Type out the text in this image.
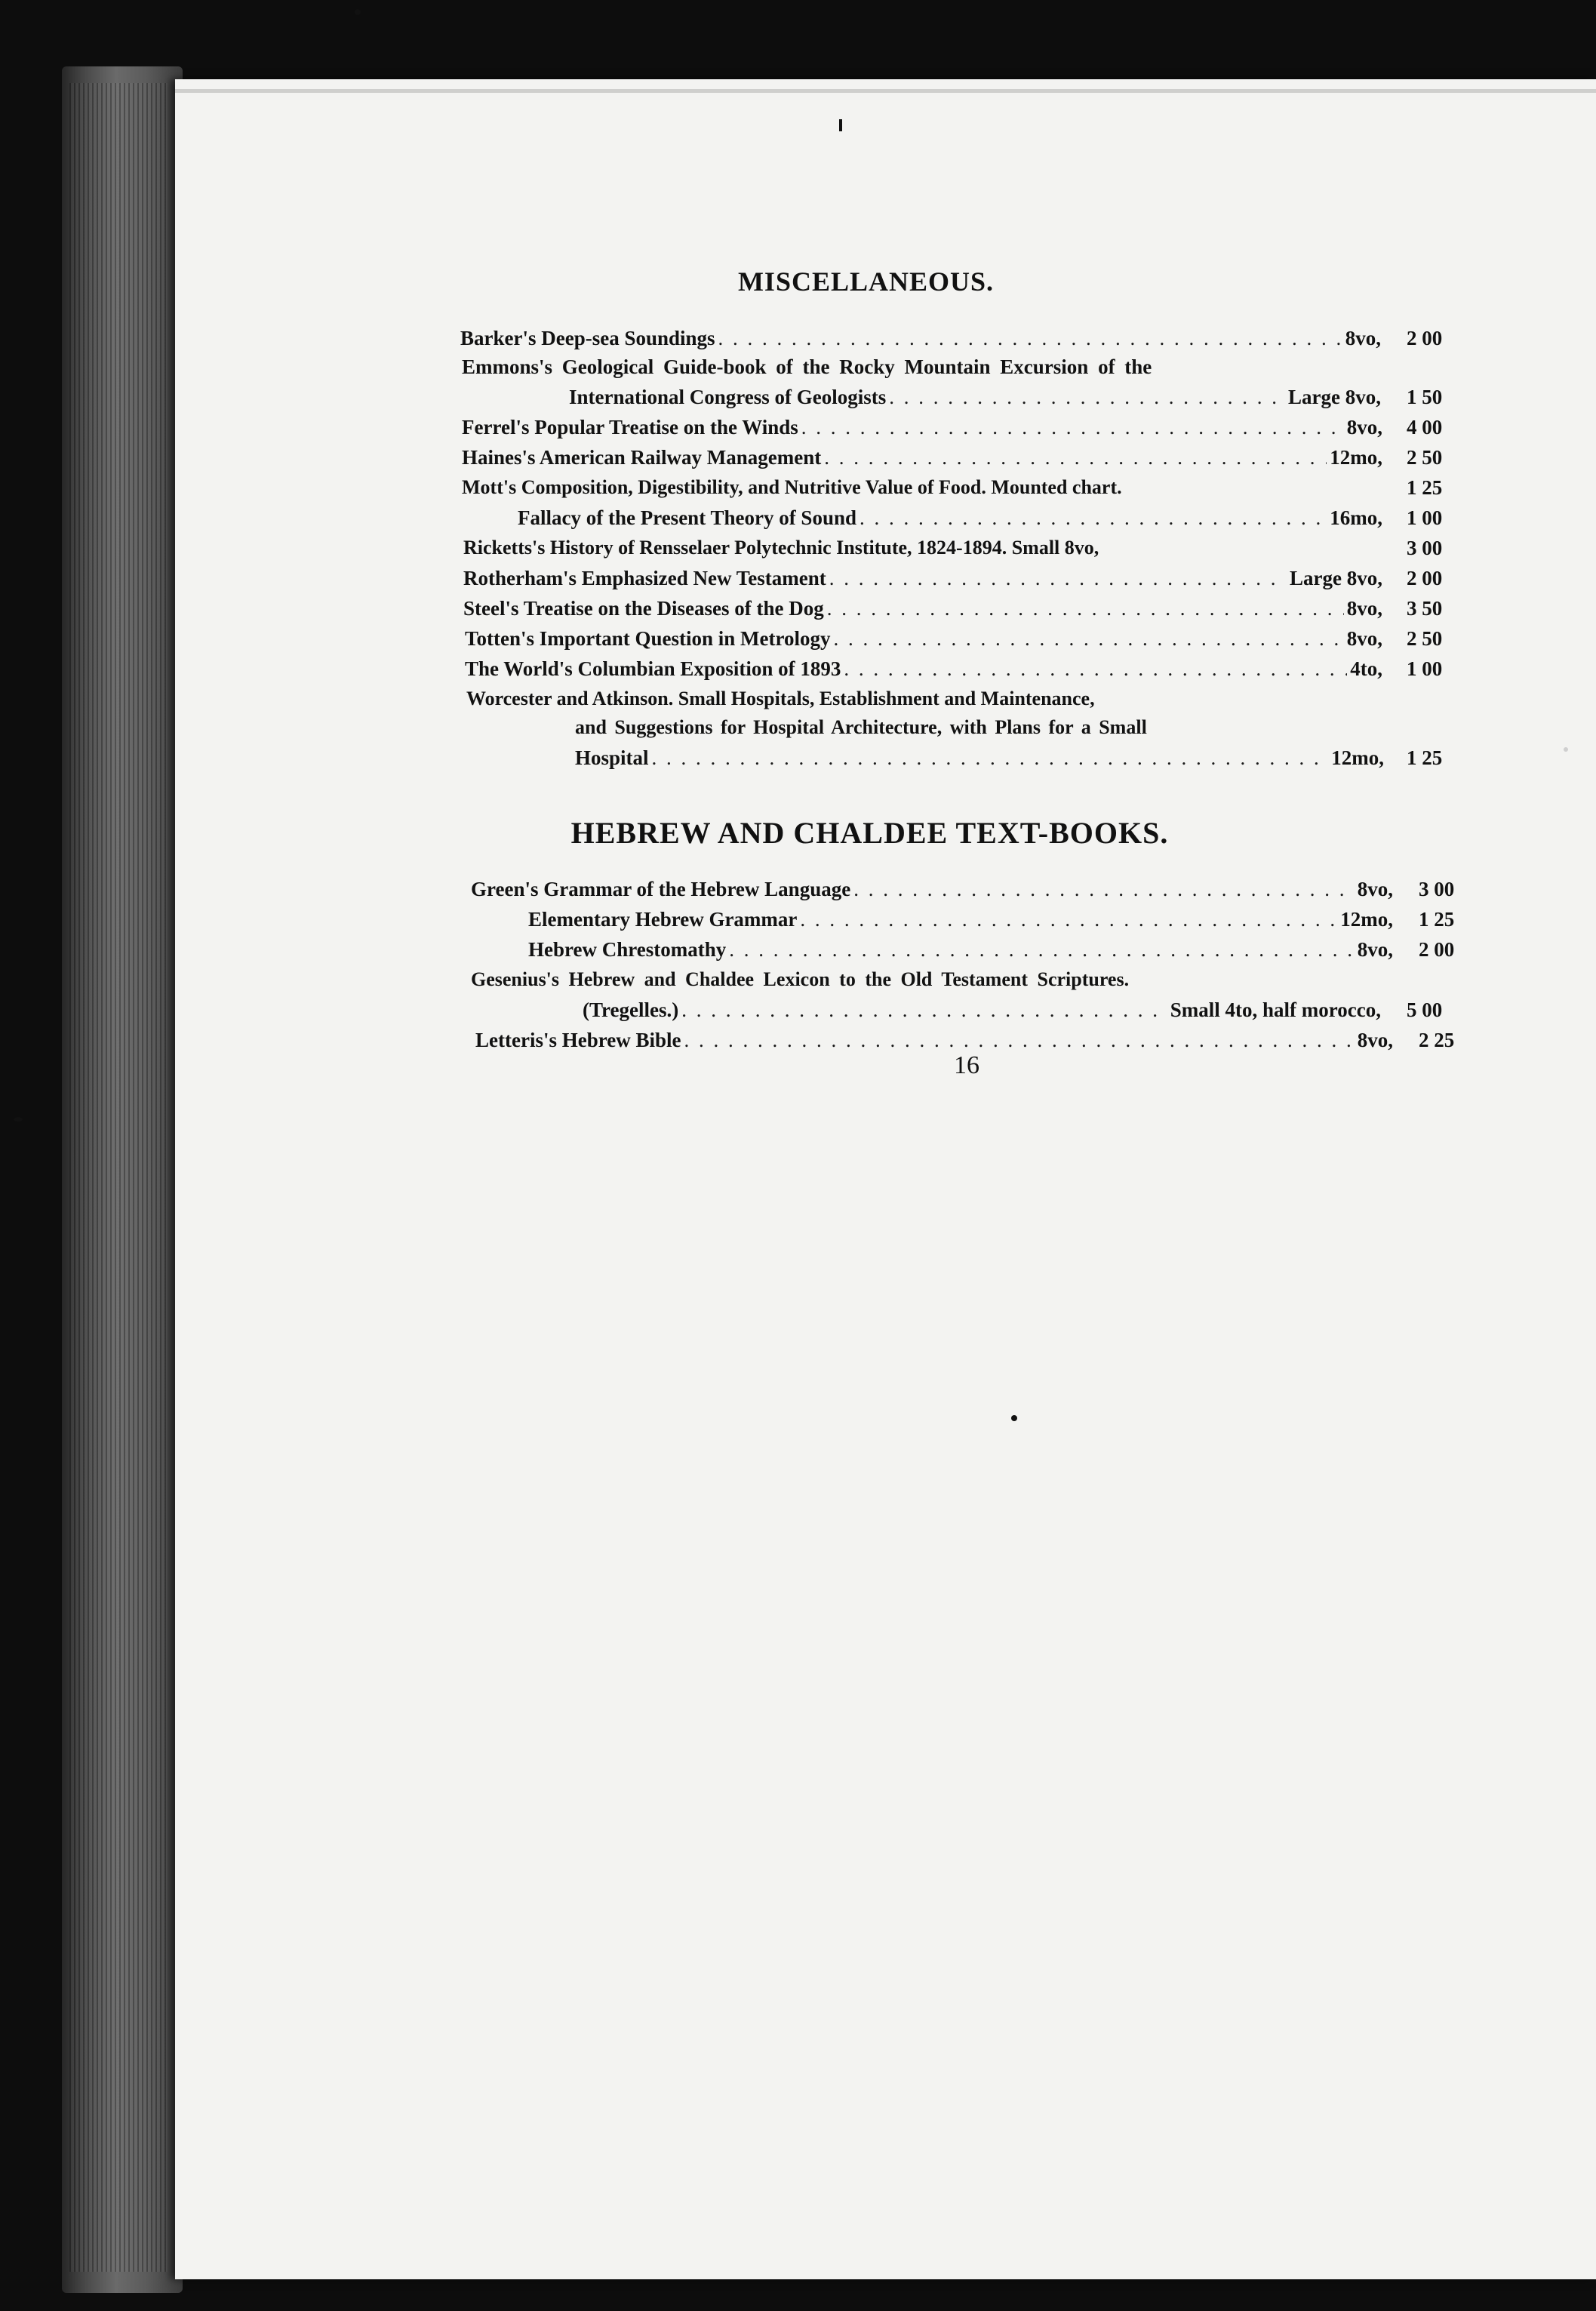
MISCELLANEOUS.
Barker's Deep-sea Soundings . . .	8vo, 2 00
Emmons's Geological Guide-book of the Rocky Mountain Excursion of the
International Congress of Geologists . . .	Large 8vo, 1 50
Ferrel's Popular Treatise on the Winds . . .	8vo, 4 00
Haines's American Railway Management . . .	12mo, 2 50
Mott's Composition, Digestibility, and Nutritive Value of Food. Mounted chart.	1 25
Fallacy of the Present Theory of Sound . . .	16mo, 1 00
Ricketts's History of Rensselaer Polytechnic Institute, 1824-1894. Small 8vo,	3 00
Rotherham's Emphasized New Testament . . .	Large 8vo, 2 00
Steel's Treatise on the Diseases of the Dog . . .	8vo, 3 50
Totten's Important Question in Metrology . . .	8vo, 2 50
The World's Columbian Exposition of 1893 . . .	4to, 1 00
Worcester and Atkinson. Small Hospitals, Establishment and Maintenance,
and Suggestions for Hospital Architecture, with Plans for a Small
Hospital . . .	12mo, 1 25
HEBREW AND CHALDEE TEXT-BOOKS.
Green's Grammar of the Hebrew Language . . .	8vo, 3 00
Elementary Hebrew Grammar . . .	12mo, 1 25
Hebrew Chrestomathy . . .	8vo, 2 00
Gesenius's Hebrew and Chaldee Lexicon to the Old Testament Scriptures.
(Tregelles.) . . .	Small 4to, half morocco, 5 00
Letteris's Hebrew Bible . . .	8vo, 2 25
16
